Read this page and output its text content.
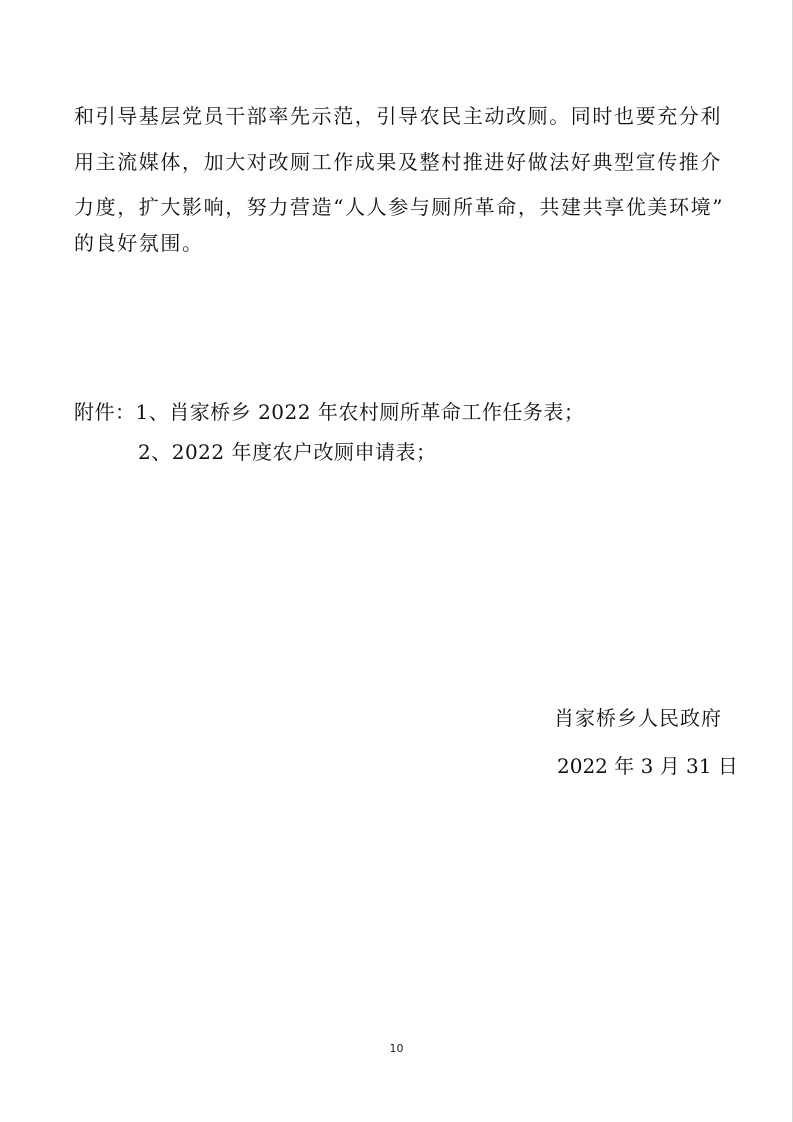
和引导基层党员干部率先示范，引导农民主动改厕。同时也要充分利
用主流媒体，加大对改厕工作成果及整村推进好做法好典型宣传推介
力度，扩大影响，努力营造“人人参与厕所革命，共建共享优美环境”
的良好氛围。
附件：1、肖家桥乡 2022 年农村厕所革命工作任务表；
2、2022 年度农户改厕申请表；
肖家桥乡人民政府
2022 年 3 月 31 日
10
